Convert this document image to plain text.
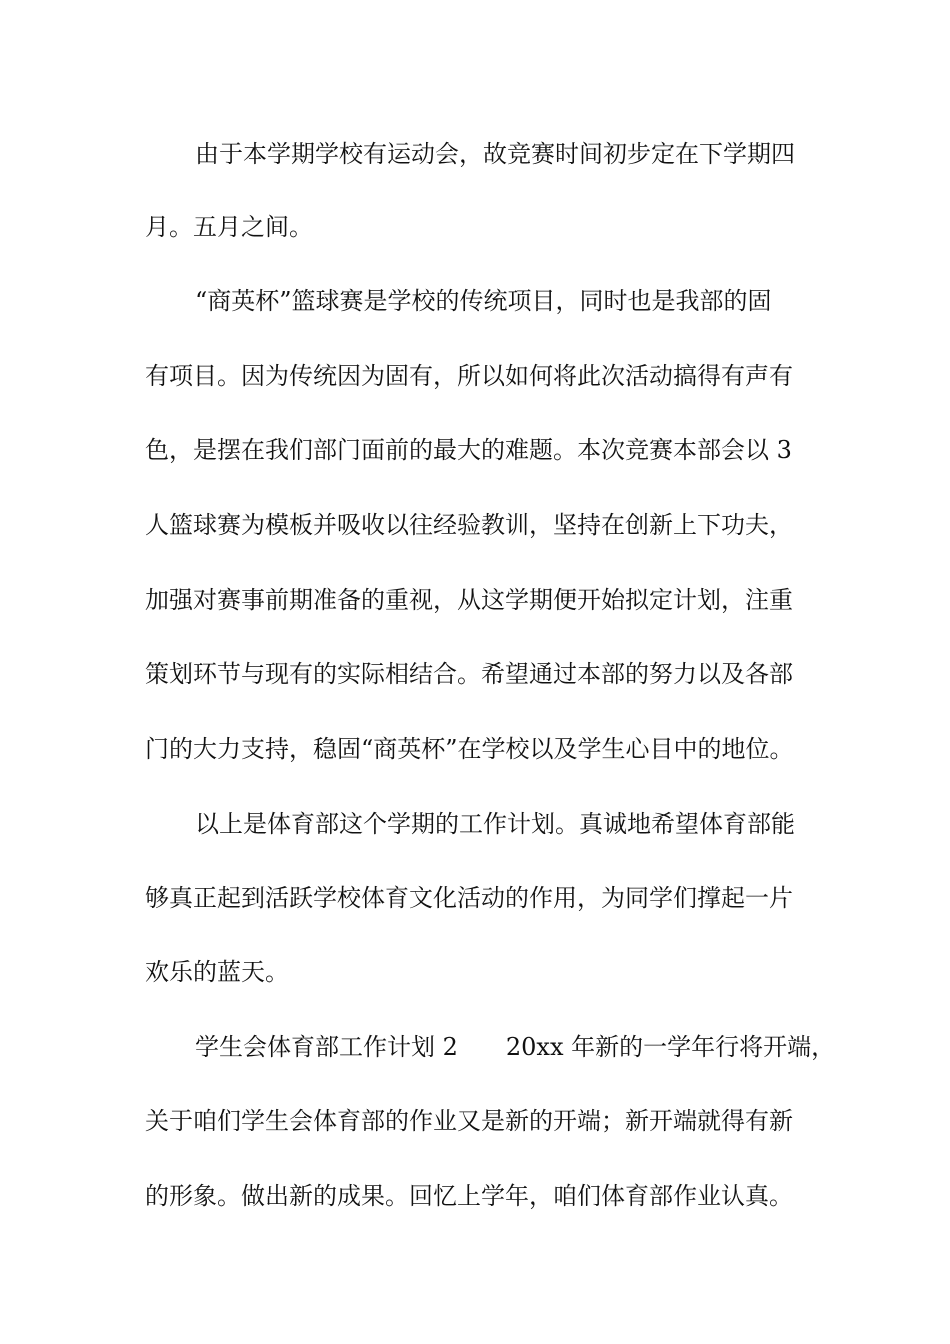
由于本学期学校有运动会，故竞赛时间初步定在下学期四
月。五月之间。
“商英杯”篮球赛是学校的传统项目，同时也是我部的固
有项目。因为传统因为固有，所以如何将此次活动搞得有声有
色，是摆在我们部门面前的最大的难题。本次竞赛本部会以 3
人篮球赛为模板并吸收以往经验教训，坚持在创新上下功夫，
加强对赛事前期准备的重视，从这学期便开始拟定计划，注重
策划环节与现有的实际相结合。希望通过本部的努力以及各部
门的大力支持，稳固“商英杯”在学校以及学生心目中的地位。
以上是体育部这个学期的工作计划。真诚地希望体育部能
够真正起到活跃学校体育文化活动的作用，为同学们撑起一片
欢乐的蓝天。
学生会体育部工作计划 2　　20xx 年新的一学年行将开端，
关于咱们学生会体育部的作业又是新的开端；新开端就得有新
的形象。做出新的成果。回忆上学年，咱们体育部作业认真。
